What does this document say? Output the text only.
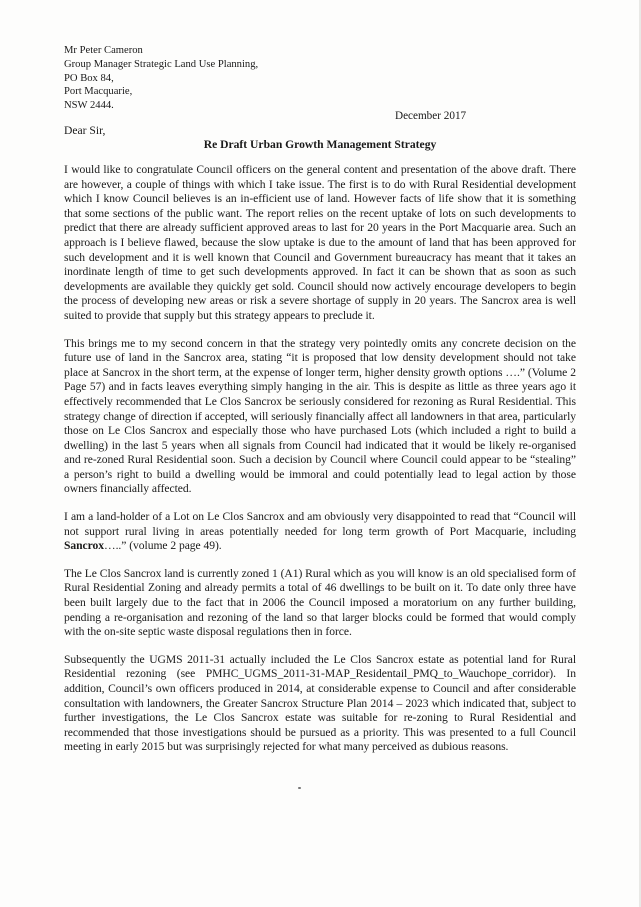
Mr Peter Cameron
Group Manager Strategic Land Use Planning,
PO Box 84,
Port Macquarie,
NSW 2444.
December 2017
Dear Sir,
Re Draft Urban Growth Management Strategy

I would like to congratulate Council officers on the general content and presentation of the above draft. There are however, a couple of things with which I take issue. The first is to do with Rural Residential development which I know Council believes is an in-efficient use of land. However facts of life show that it is something that some sections of the public want. The report relies on the recent uptake of lots on such developments to predict that there are already sufficient approved areas to last for 20 years in the Port Macquarie area. Such an approach is I believe flawed, because the slow uptake is due to the amount of land that has been approved for such development and it is well known that Council and Government bureaucracy has meant that it takes an inordinate length of time to get such developments approved. In fact it can be shown that as soon as such developments are available they quickly get sold. Council should now actively encourage developers to begin the process of developing new areas or risk a severe shortage of supply in 20 years. The Sancrox area is well suited to provide that supply but this strategy appears to preclude it.

This brings me to my second concern in that the strategy very pointedly omits any concrete decision on the future use of land in the Sancrox area, stating “it is proposed that low density development should not take place at Sancrox in the short term, at the expense of longer term, higher density growth options ….” (Volume 2 Page 57) and in facts leaves everything simply hanging in the air. This is despite as little as three years ago it effectively recommended that Le Clos Sancrox be seriously considered for rezoning as Rural Residential. This strategy change of direction if accepted, will seriously financially affect all landowners in that area, particularly those on Le Clos Sancrox and especially those who have purchased Lots (which included a right to build a dwelling) in the last 5 years when all signals from Council had indicated that it would be likely re-organised and re-zoned Rural Residential soon. Such a decision by Council where Council could appear to be “stealing” a person’s right to build a dwelling would be immoral and could potentially lead to legal action by those owners financially affected.

I am a land-holder of a Lot on Le Clos Sancrox and am obviously very disappointed to read that “Council will not support rural living in areas potentially needed for long term growth of Port Macquarie, including Sancrox…..” (volume 2 page 49).

The Le Clos Sancrox land is currently zoned 1 (A1) Rural which as you will know is an old specialised form of Rural Residential Zoning and already permits a total of 46 dwellings to be built on it. To date only three have been built largely due to the fact that in 2006 the Council imposed a moratorium on any further building, pending a re-organisation and rezoning of the land so that larger blocks could be formed that would comply with the on-site septic waste disposal regulations then in force.

Subsequently the UGMS 2011-31 actually included the Le Clos Sancrox estate as potential land for Rural Residential rezoning (see PMHC_UGMS_2011-31-MAP_Residentail_PMQ_to_Wauchope_corridor). In addition, Council’s own officers produced in 2014, at considerable expense to Council and after considerable consultation with landowners, the Greater Sancrox Structure Plan 2014 – 2023 which indicated that, subject to further investigations, the Le Clos Sancrox estate was suitable for re-zoning to Rural Residential and recommended that those investigations should be pursued as a priority. This was presented to a full Council meeting in early 2015 but was surprisingly rejected for what many perceived as dubious reasons.
